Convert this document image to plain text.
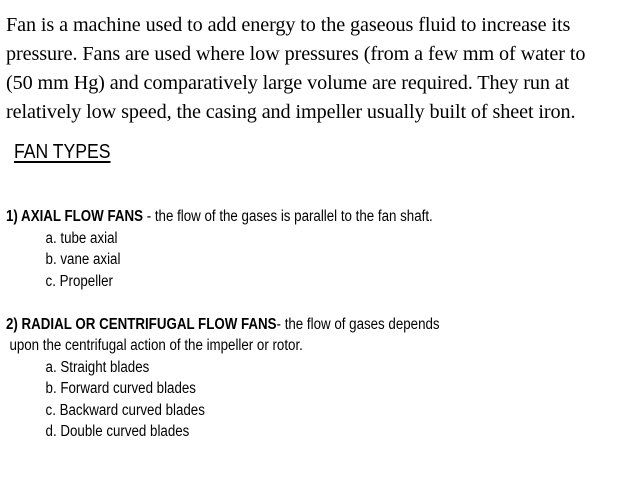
Fan is a machine used to add energy to the gaseous fluid to increase its
pressure. Fans are used where low pressures (from a few mm of water to
(50 mm Hg) and comparatively large volume are required. They run at
relatively low speed, the casing and impeller usually built of sheet iron.
FAN TYPES
1) AXIAL FLOW FANS - the flow of the gases is parallel to the fan shaft.
a. tube axial
b. vane axial
c. Propeller
2) RADIAL OR CENTRIFUGAL FLOW FANS- the flow of gases depends
upon the centrifugal action of the impeller or rotor.
a. Straight blades
b. Forward curved blades
c. Backward curved blades
d. Double curved blades
